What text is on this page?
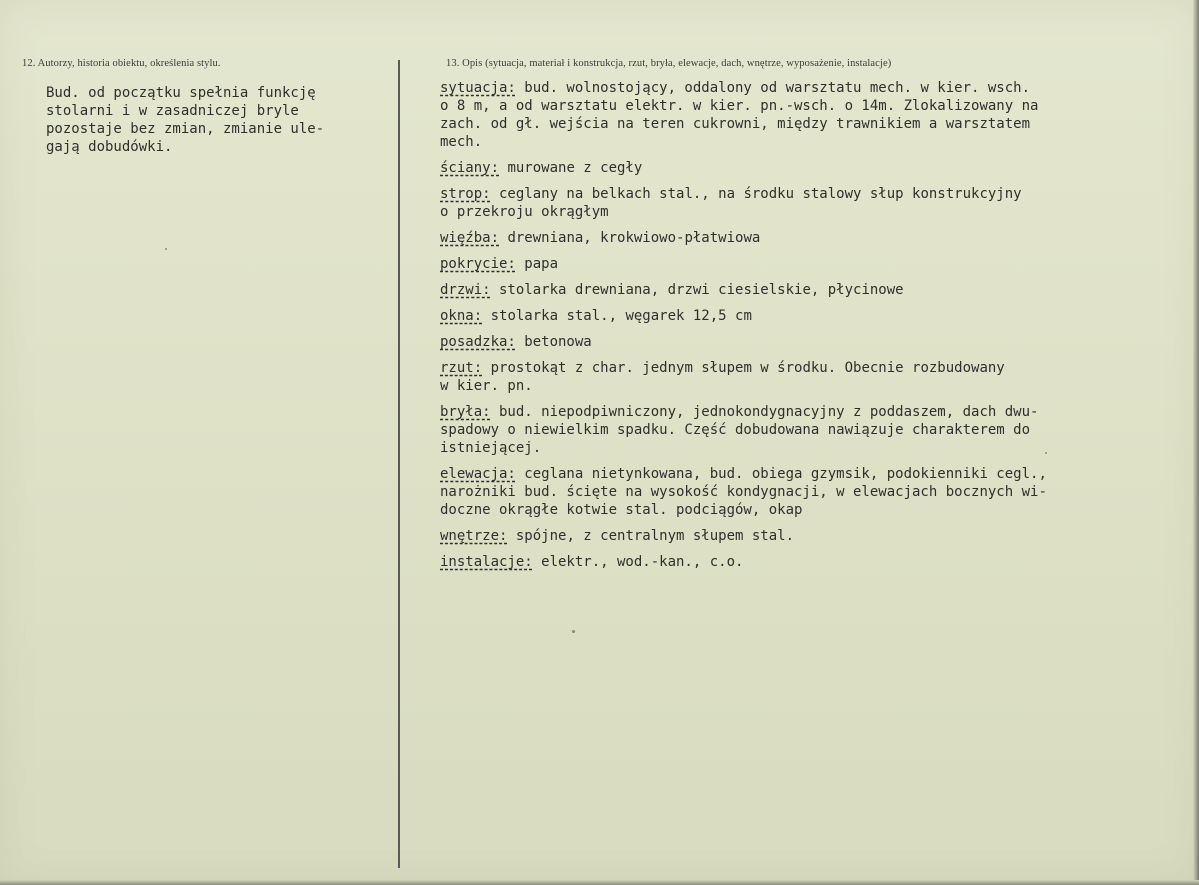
12. Autorzy, historia obiektu, określenia stylu.	13. Opis (sytuacja, materiał i konstrukcja, rzut, bryła, elewacje, dach, wnętrze, wyposażenie, instalacje)
Bud. od początku spełnia funkcję
stolarni i w zasadniczej bryle
pozostaje bez zmian, zmianie ule-
gają dobudówki.
sytuacja: bud. wolnostojący, oddalony od warsztatu mech. w kier. wsch.
o 8 m, a od warsztatu elektr. w kier. pn.-wsch. o 14m. Zlokalizowany na
zach. od gł. wejścia na teren cukrowni, między trawnikiem a warsztatem
mech.
ściany: murowane z cegły
strop: ceglany na belkach stal., na środku stalowy słup konstrukcyjny
o przekroju okrągłym
więźba: drewniana, krokwiowo-płatwiowa
pokrycie: papa
drzwi: stolarka drewniana, drzwi ciesielskie, płycinowe
okna: stolarka stal., węgarek 12,5 cm
posadzka: betonowa
rzut: prostokąt z char. jednym słupem w środku. Obecnie rozbudowany
w kier. pn.
bryła: bud. niepodpiwniczony, jednokondygnacyjny z poddaszem, dach dwu-
spadowy o niewielkim spadku. Część dobudowana nawiązuje charakterem do
istniejącej.
elewacja: ceglana nietynkowana, bud. obiega gzymsik, podokienniki cegl.,
narożniki bud. ścięte na wysokość kondygnacji, w elewacjach bocznych wi-
doczne okrągłe kotwie stal. podciągów, okap
wnętrze: spójne, z centralnym słupem stal.
instalacje: elektr., wod.-kan., c.o.
